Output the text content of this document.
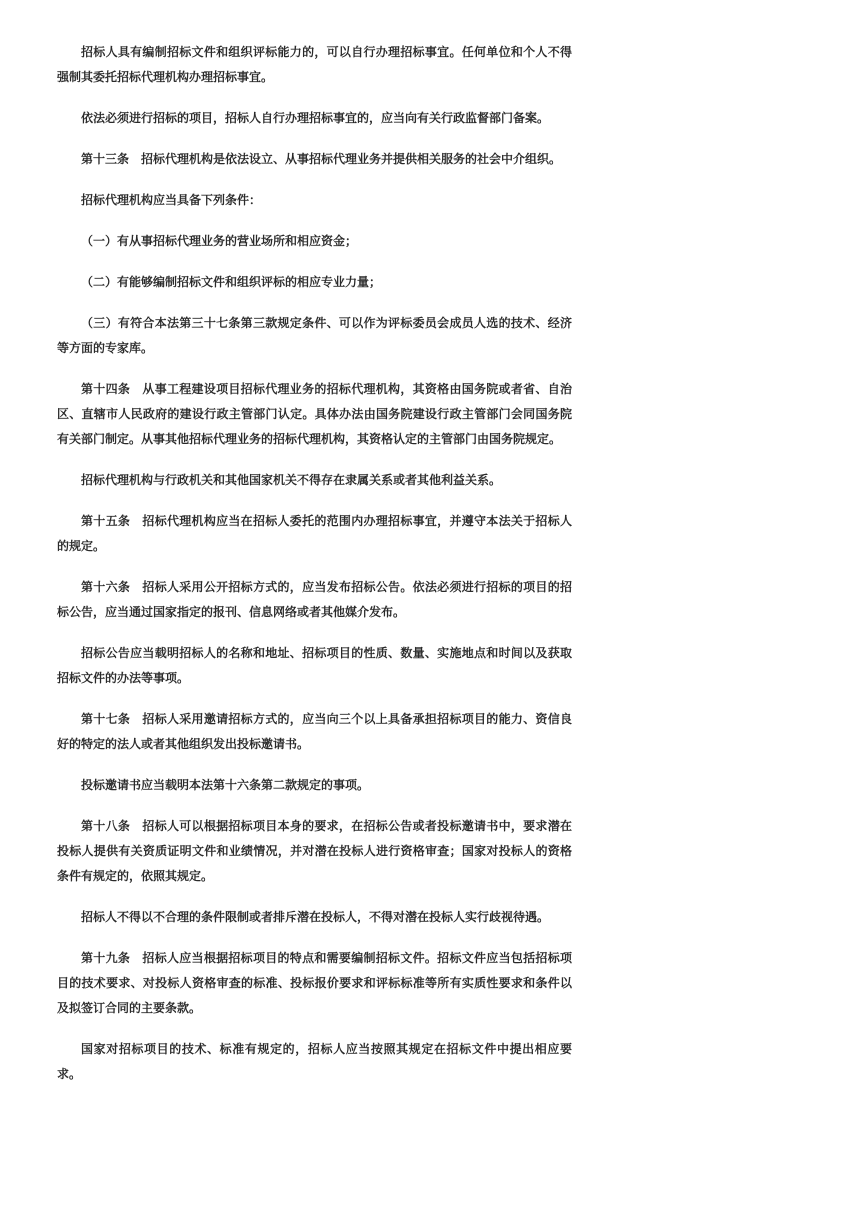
招标人具有编制招标文件和组织评标能力的，可以自行办理招标事宜。任何单位和个人不得强制其委托招标代理机构办理招标事宜。

依法必须进行招标的项目，招标人自行办理招标事宜的，应当向有关行政监督部门备案。

第十三条　招标代理机构是依法设立、从事招标代理业务并提供相关服务的社会中介组织。

招标代理机构应当具备下列条件：

（一）有从事招标代理业务的营业场所和相应资金；

（二）有能够编制招标文件和组织评标的相应专业力量；

（三）有符合本法第三十七条第三款规定条件、可以作为评标委员会成员人选的技术、经济等方面的专家库。

第十四条　从事工程建设项目招标代理业务的招标代理机构，其资格由国务院或者省、自治区、直辖市人民政府的建设行政主管部门认定。具体办法由国务院建设行政主管部门会同国务院有关部门制定。从事其他招标代理业务的招标代理机构，其资格认定的主管部门由国务院规定。

招标代理机构与行政机关和其他国家机关不得存在隶属关系或者其他利益关系。

第十五条　招标代理机构应当在招标人委托的范围内办理招标事宜，并遵守本法关于招标人的规定。

第十六条　招标人采用公开招标方式的，应当发布招标公告。依法必须进行招标的项目的招标公告，应当通过国家指定的报刊、信息网络或者其他媒介发布。

招标公告应当载明招标人的名称和地址、招标项目的性质、数量、实施地点和时间以及获取招标文件的办法等事项。

第十七条　招标人采用邀请招标方式的，应当向三个以上具备承担招标项目的能力、资信良好的特定的法人或者其他组织发出投标邀请书。

投标邀请书应当载明本法第十六条第二款规定的事项。

第十八条　招标人可以根据招标项目本身的要求，在招标公告或者投标邀请书中，要求潜在投标人提供有关资质证明文件和业绩情况，并对潜在投标人进行资格审查；国家对投标人的资格条件有规定的，依照其规定。

招标人不得以不合理的条件限制或者排斥潜在投标人，不得对潜在投标人实行歧视待遇。

第十九条　招标人应当根据招标项目的特点和需要编制招标文件。招标文件应当包括招标项目的技术要求、对投标人资格审查的标准、投标报价要求和评标标准等所有实质性要求和条件以及拟签订合同的主要条款。

国家对招标项目的技术、标准有规定的，招标人应当按照其规定在招标文件中提出相应要求。
